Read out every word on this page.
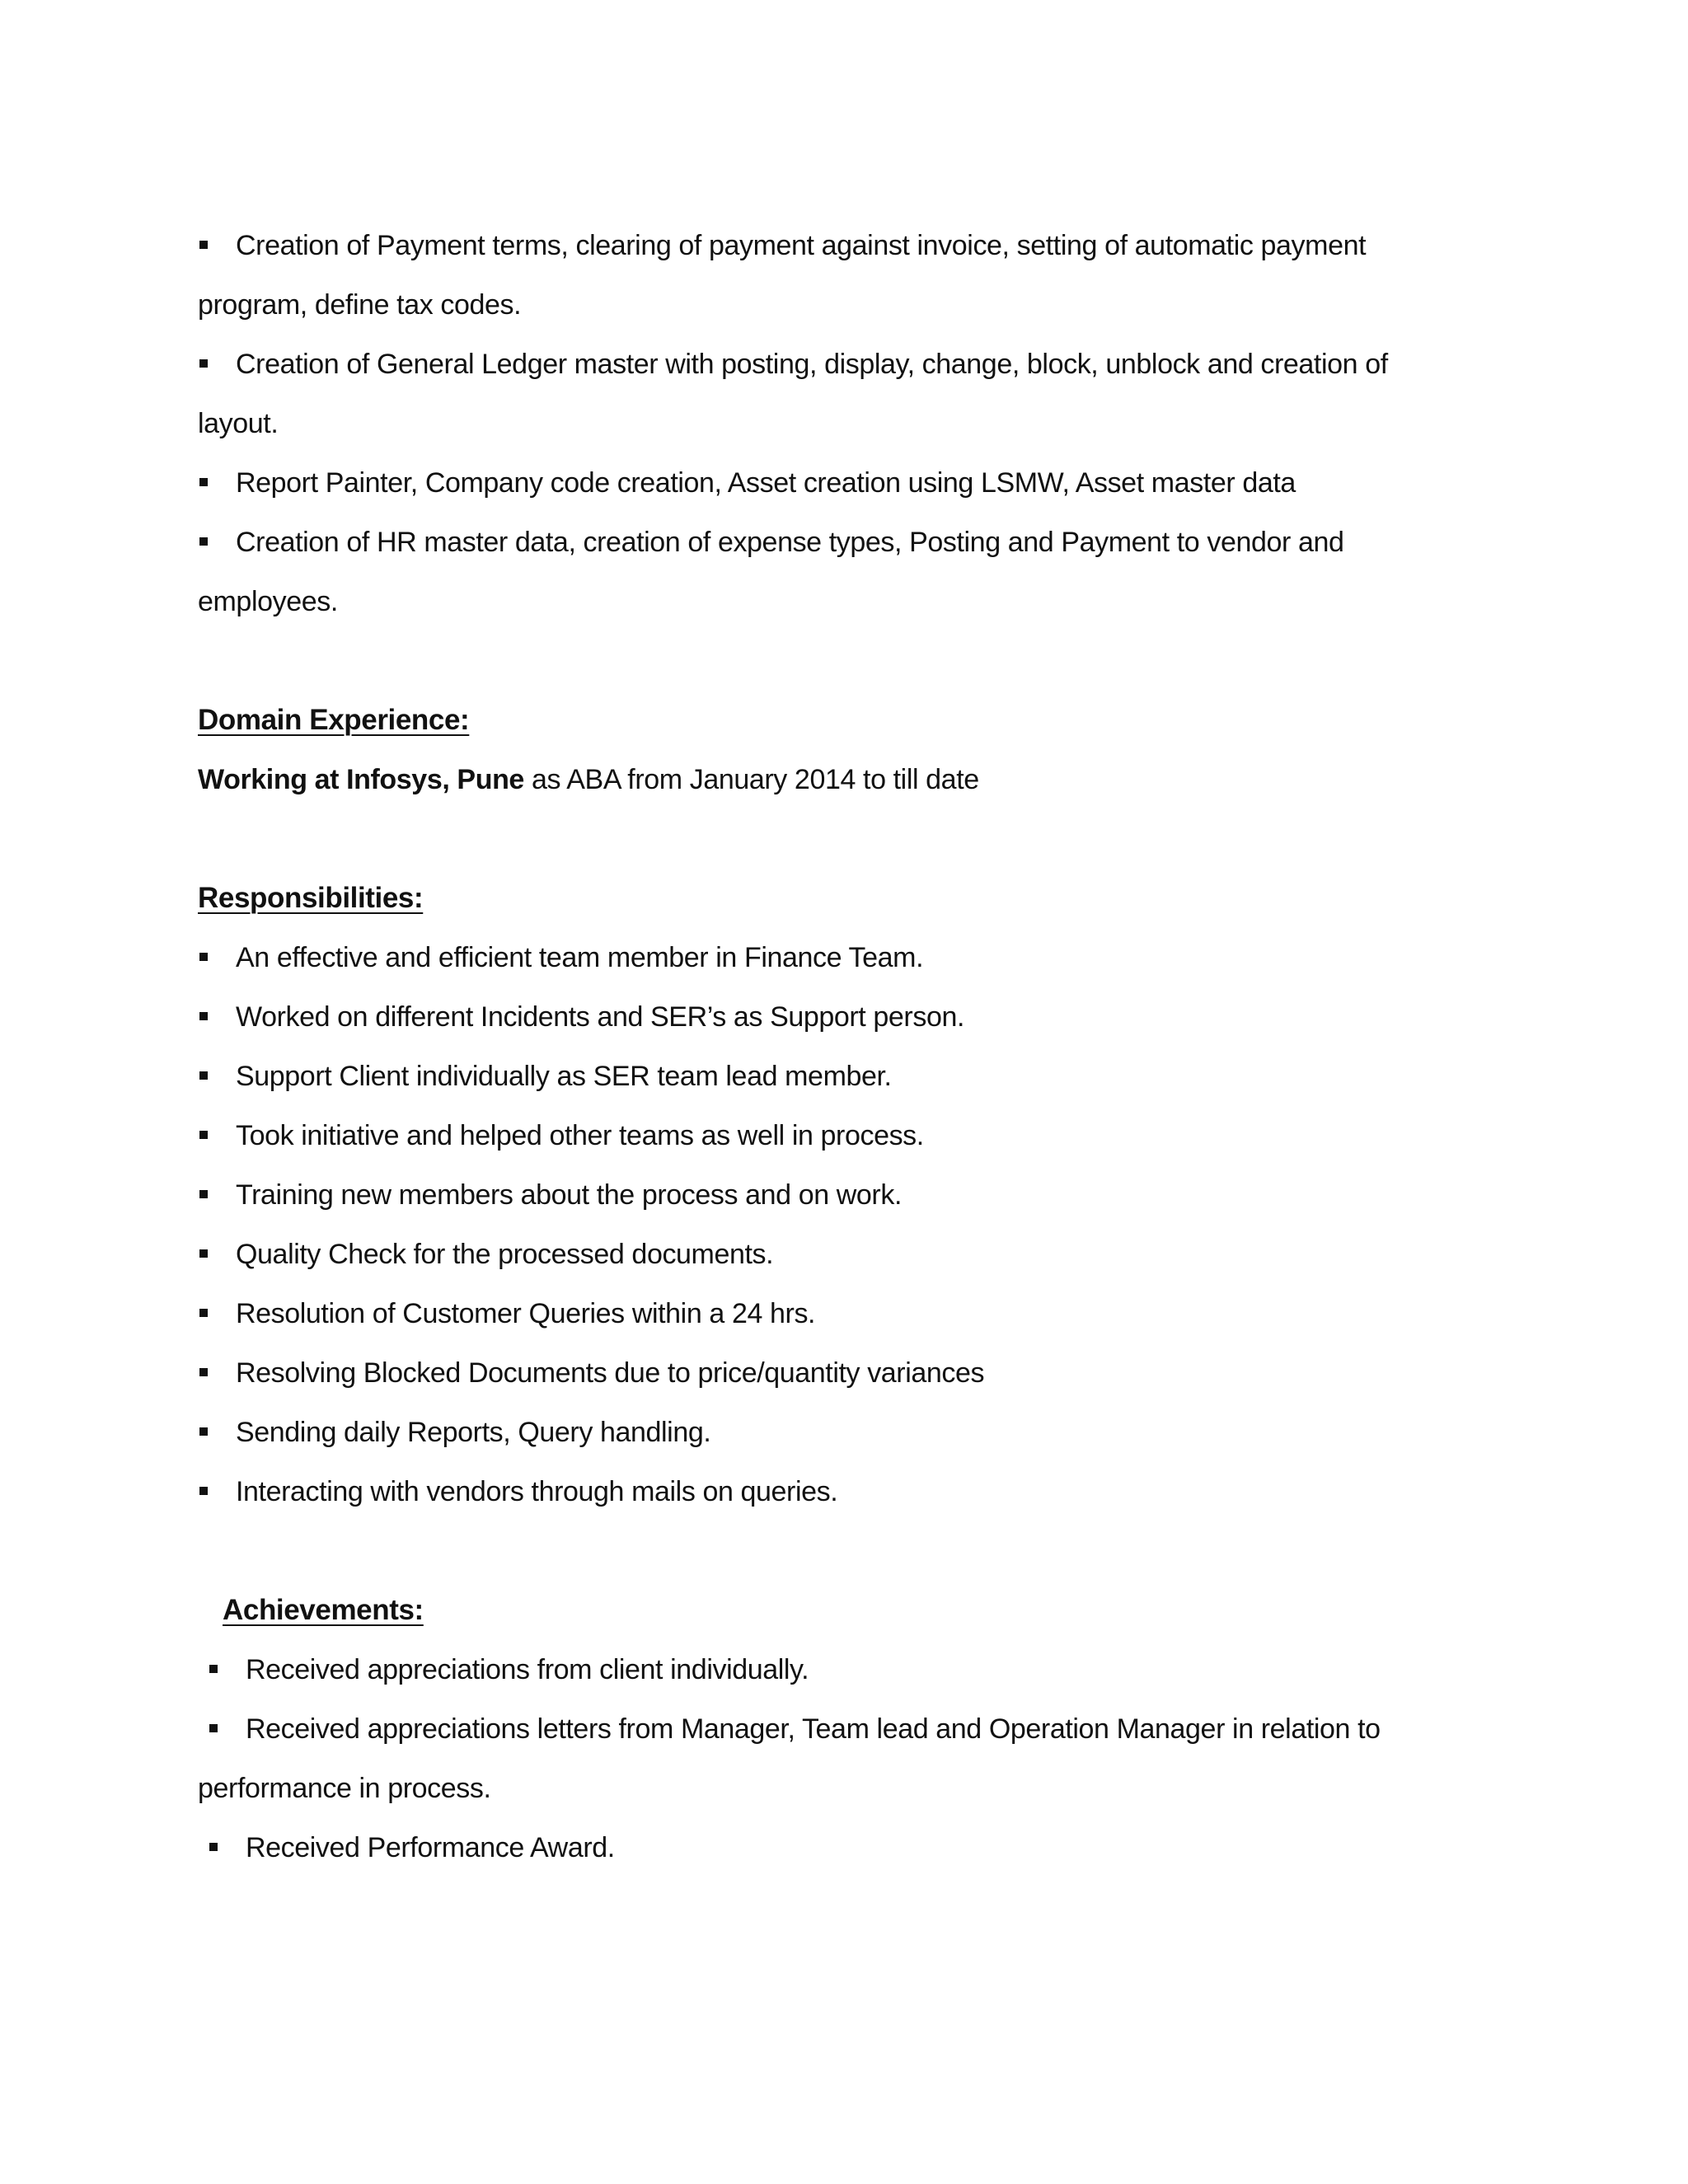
Creation of Payment terms, clearing of payment against invoice, setting of automatic payment
program, define tax codes.
Creation of General Ledger master with posting, display, change, block, unblock and creation of
layout.
Report Painter, Company code creation, Asset creation using LSMW, Asset master data
Creation of HR master data, creation of expense types, Posting and Payment to vendor and
employees.
Domain Experience:
Working at Infosys, Pune as ABA from January 2014 to till date
Responsibilities:
An effective and efficient team member in Finance Team.
Worked on different Incidents and SER’s as Support person.
Support Client individually as SER team lead member.
Took initiative and helped other teams as well in process.
Training new members about the process and on work.
Quality Check for the processed documents.
Resolution of Customer Queries within a 24 hrs.
Resolving Blocked Documents due to price/quantity variances
Sending daily Reports, Query handling.
Interacting with vendors through mails on queries.
Achievements:
Received appreciations from client individually.
Received appreciations letters from Manager, Team lead and Operation Manager in relation to
performance in process.
Received Performance Award.
